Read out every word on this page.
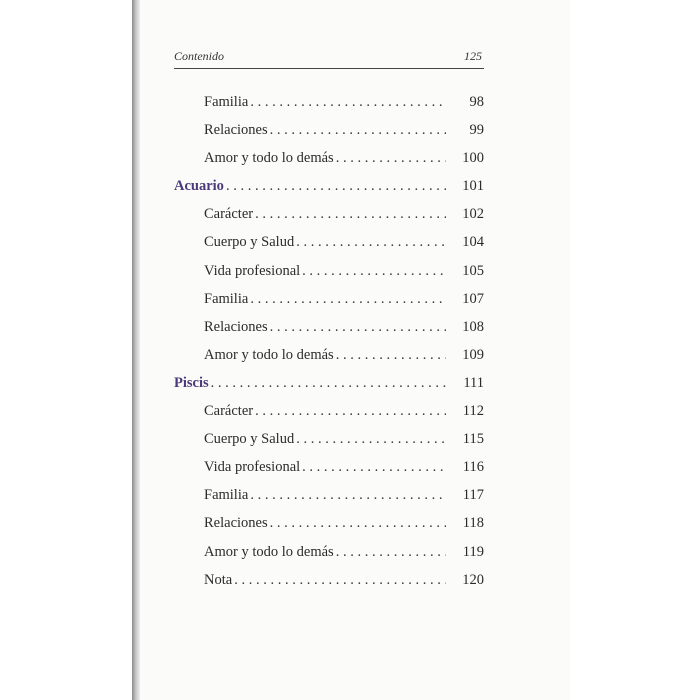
Contenido	125
Familia . . .	98
Relaciones . . .	99
Amor y todo lo demás . . .	100
Acuario . . .	101
Carácter . . .	102
Cuerpo y Salud . . .	104
Vida profesional . . .	105
Familia . . .	107
Relaciones . . .	108
Amor y todo lo demás . . .	109
Piscis . . .	111
Carácter . . .	112
Cuerpo y Salud . . .	115
Vida profesional . . .	116
Familia . . .	117
Relaciones . . .	118
Amor y todo lo demás . . .	119
Nota . . .	120
